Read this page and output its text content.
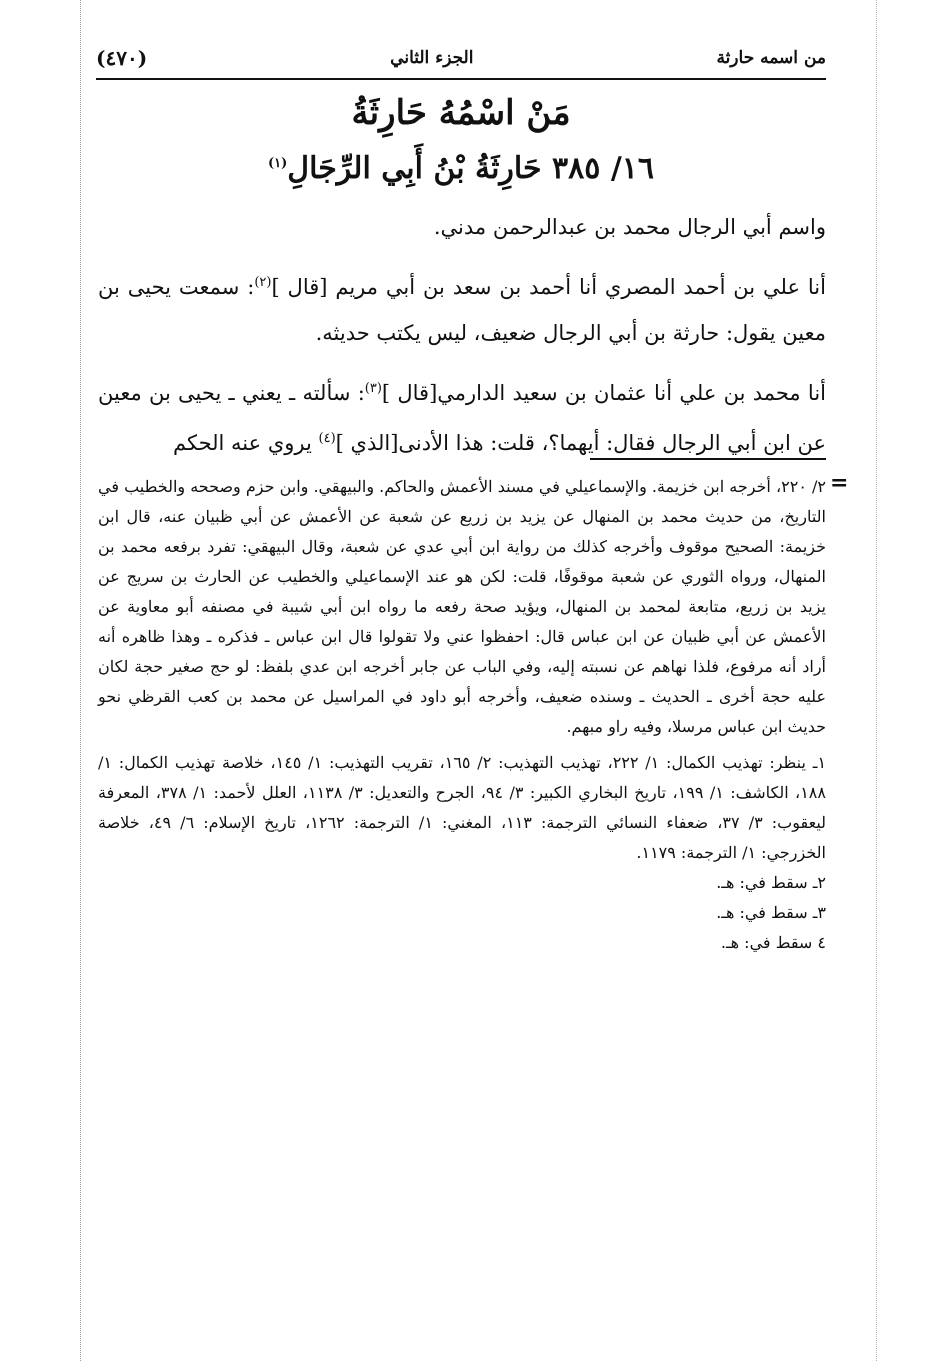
من اسمه حارثة
الجزء الثاني
(٤٧٠)
مَنْ اسْمُهُ حَارِثَةُ
١٦/ ٣٨٥ حَارِثَةُ بْنُ أَبِي الرِّجَالِ$^{(١)}$

واسم أبي الرجال محمد بن عبدالرحمن مدني.

أنا علي بن أحمد المصري أنا أحمد بن سعد بن أبي مريم [قال ]$^{(٢)}$: سمعت يحيى بن معين يقول: حارثة بن أبي الرجال ضعيف، ليس يكتب حديثه.

أنا محمد بن علي أنا عثمان بن سعيد الدارمي[قال ]$^{(٣)}$: سألته ـ يعني ـ يحيى بن معين عن ابن أبي الرجال فقال: أيهما؟، قلت: هذا الأدنى[الذي ]$^{(٤)}$ يروي عنه الحكم

=

٢/ ٢٢٠، أخرجه ابن خزيمة. والإسماعيلي في مسند الأعمش والحاكم. والبيهقي. وابن حزم وصححه والخطيب في التاريخ، من حديث محمد بن المنهال عن يزيد بن زريع عن شعبة عن الأعمش عن أبي ظبيان عنه، قال ابن خزيمة: الصحيح موقوف وأخرجه كذلك من رواية ابن أبي عدي عن شعبة، وقال البيهقي: تفرد برفعه محمد بن المنهال، ورواه الثوري عن شعبة موقوفًا، قلت: لكن هو عند الإسماعيلي والخطيب عن الحارث بن سريج عن يزيد بن زريع، متابعة لمحمد بن المنهال، ويؤيد صحة رفعه ما رواه ابن أبي شيبة في مصنفه أبو معاوية عن الأعمش عن أبي ظبيان عن ابن عباس قال: احفظوا عني ولا تقولوا قال ابن عباس ـ فذكره ـ وهذا ظاهره أنه أراد أنه مرفوع، فلذا نهاهم عن نسبته إليه، وفي الباب عن جابر أخرجه ابن عدي بلفظ: لو حج صغير حجة لكان عليه حجة أخرى ـ الحديث ـ وسنده ضعيف، وأخرجه أبو داود في المراسيل عن محمد بن كعب القرظي نحو حديث ابن عباس مرسلا، وفيه راو مبهم.

١ـ ينظر: تهذيب الكمال: ١/ ٢٢٢، تهذيب التهذيب: ٢/ ١٦٥، تقريب التهذيب: ١/ ١٤٥، خلاصة تهذيب الكمال: ١/ ١٨٨، الكاشف: ١/ ١٩٩، تاريخ البخاري الكبير: ٣/ ٩٤، الجرح والتعديل: ٣/ ١١٣٨، العلل لأحمد: ١/ ٣٧٨، المعرفة ليعقوب: ٣/ ٣٧، ضعفاء النسائي الترجمة: ١١٣، المغني: ١/ الترجمة: ١٢٦٢، تاريخ الإسلام: ٦/ ٤٩، خلاصة الخزرجي: ١/ الترجمة: ١١٧٩.
٢ـ سقط في: هـ.
٣ـ سقط في: هـ.
٤ سقط في: هـ.
